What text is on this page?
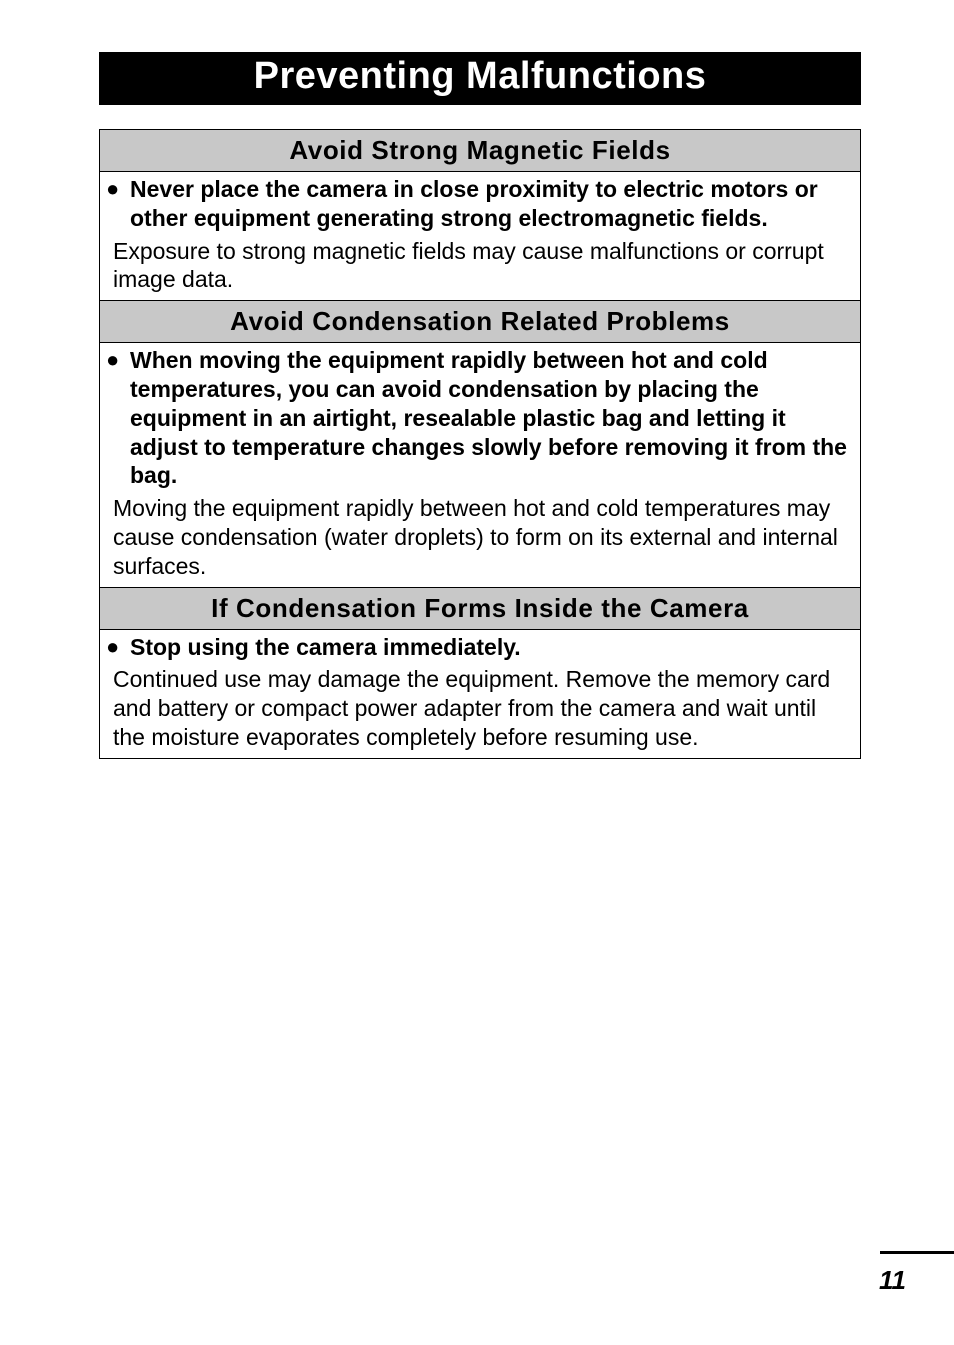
Preventing Malfunctions
Avoid Strong Magnetic Fields
● Never place the camera in close proximity to electric motors or other equipment generating strong electromagnetic fields.
Exposure to strong magnetic fields may cause malfunctions or corrupt image data.
Avoid Condensation Related Problems
● When moving the equipment rapidly between hot and cold temperatures, you can avoid condensation by placing the equipment in an airtight, resealable plastic bag and letting it adjust to temperature changes slowly before removing it from the bag.
Moving the equipment rapidly between hot and cold temperatures may cause condensation (water droplets) to form on its external and internal surfaces.
If Condensation Forms Inside the Camera
● Stop using the camera immediately.
Continued use may damage the equipment. Remove the memory card and battery or compact power adapter from the camera and wait until the moisture evaporates completely before resuming use.
11
